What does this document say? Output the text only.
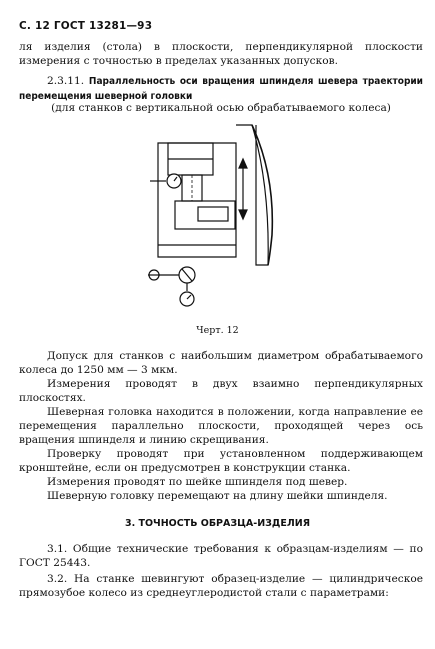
С. 12 ГОСТ 13281—93
ля изделия (стола) в плоскости, перпендикулярной плоскости измерения с точностью в пределах указанных допусков.
2.3.11. Параллельность оси вращения шпинделя шевера траектории перемещения шеверной головки
(для станков с вертикальной осью обрабатываемого колеса)
Черт. 12
Допуск для станков с наибольшим диаметром обрабатываемого колеса до 1250 мм — 3 мкм.
Измерения проводят в двух взаимно перпендикулярных плоскостях.
Шеверная головка находится в положении, когда направление ее перемещения параллельно плоскости, проходящей через ось вращения шпинделя и линию скрещивания.
Проверку проводят при установленном поддерживающем кронштейне, если он предусмотрен в конструкции станка.
Измерения проводят по шейке шпинделя под шевер.
Шеверную головку перемещают на длину шейки шпинделя.
3. ТОЧНОСТЬ ОБРАЗЦА-ИЗДЕЛИЯ
3.1. Общие технические требования к образцам-изделиям — по ГОСТ 25443.
3.2. На станке шевингуют образец-изделие — цилиндрическое прямозубое колесо из среднеуглеродистой стали с параметрами:
